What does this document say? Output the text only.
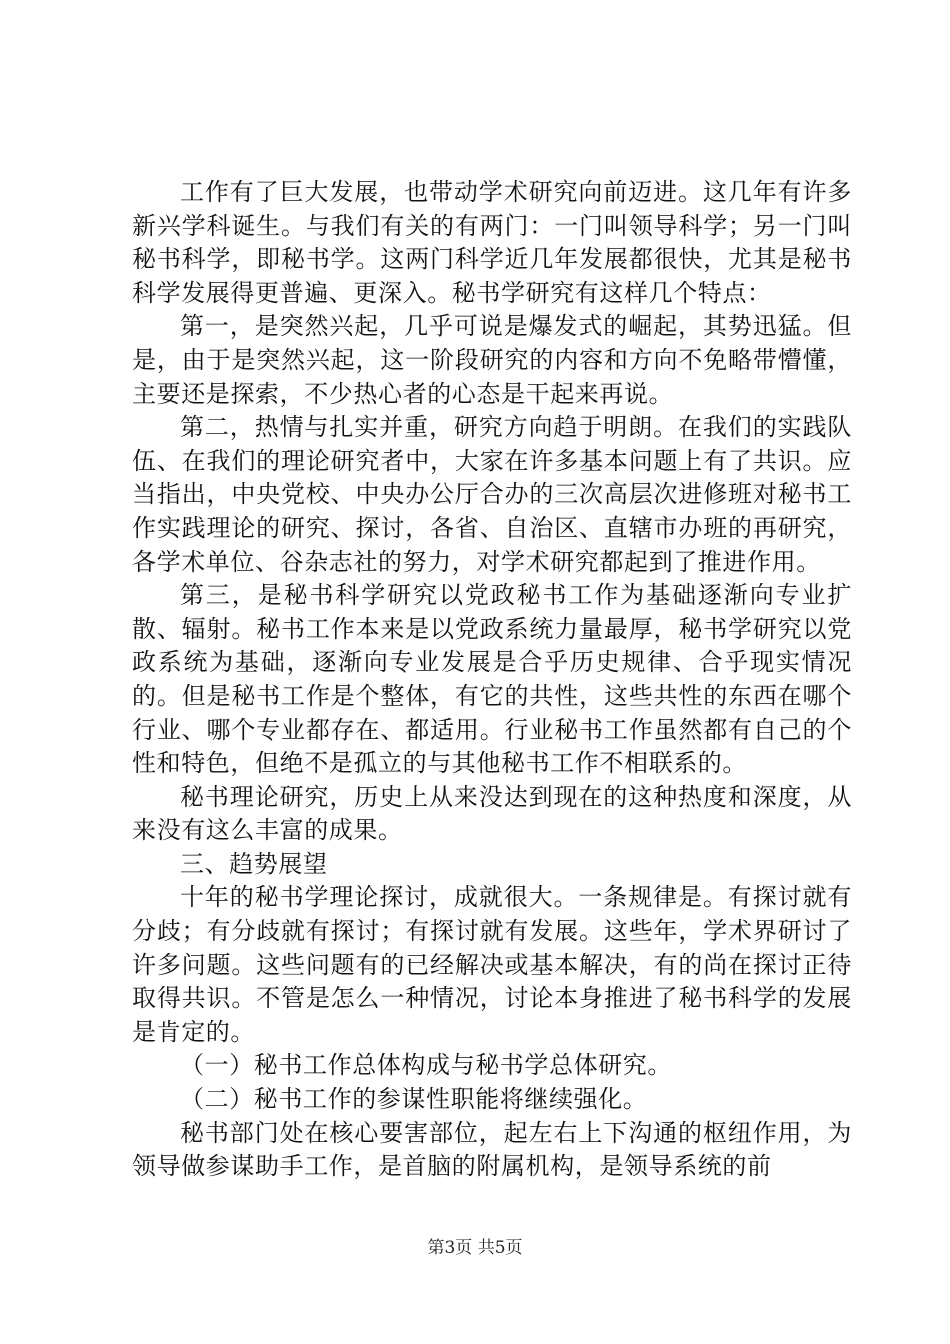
工作有了巨大发展，也带动学术研究向前迈进。这几年有许多新兴学科诞生。与我们有关的有两门：一门叫领导科学；另一门叫秘书科学，即秘书学。这两门科学近几年发展都很快，尤其是秘书科学发展得更普遍、更深入。秘书学研究有这样几个特点：

第一，是突然兴起，几乎可说是爆发式的崛起，其势迅猛。但是，由于是突然兴起，这一阶段研究的内容和方向不免略带懵懂，主要还是探索，不少热心者的心态是干起来再说。

第二，热情与扎实并重，研究方向趋于明朗。在我们的实践队伍、在我们的理论研究者中，大家在许多基本问题上有了共识。应当指出，中央党校、中央办公厅合办的三次高层次进修班对秘书工作实践理论的研究、探讨，各省、自治区、直辖市办班的再研究，各学术单位、谷杂志社的努力，对学术研究都起到了推进作用。

第三，是秘书科学研究以党政秘书工作为基础逐渐向专业扩散、辐射。秘书工作本来是以党政系统力量最厚，秘书学研究以党政系统为基础，逐渐向专业发展是合乎历史规律、合乎现实情况的。但是秘书工作是个整体，有它的共性，这些共性的东西在哪个行业、哪个专业都存在、都适用。行业秘书工作虽然都有自己的个性和特色，但绝不是孤立的与其他秘书工作不相联系的。

秘书理论研究，历史上从来没达到现在的这种热度和深度，从来没有这么丰富的成果。

三、趋势展望

十年的秘书学理论探讨，成就很大。一条规律是。有探讨就有分歧；有分歧就有探讨；有探讨就有发展。这些年，学术界研讨了许多问题。这些问题有的已经解决或基本解决，有的尚在探讨正待取得共识。不管是怎么一种情况，讨论本身推进了秘书科学的发展是肯定的。

（一）秘书工作总体构成与秘书学总体研究。

（二）秘书工作的参谋性职能将继续强化。

秘书部门处在核心要害部位，起左右上下沟通的枢纽作用，为领导做参谋助手工作，是首脑的附属机构，是领导系统的前

第3页 共5页
